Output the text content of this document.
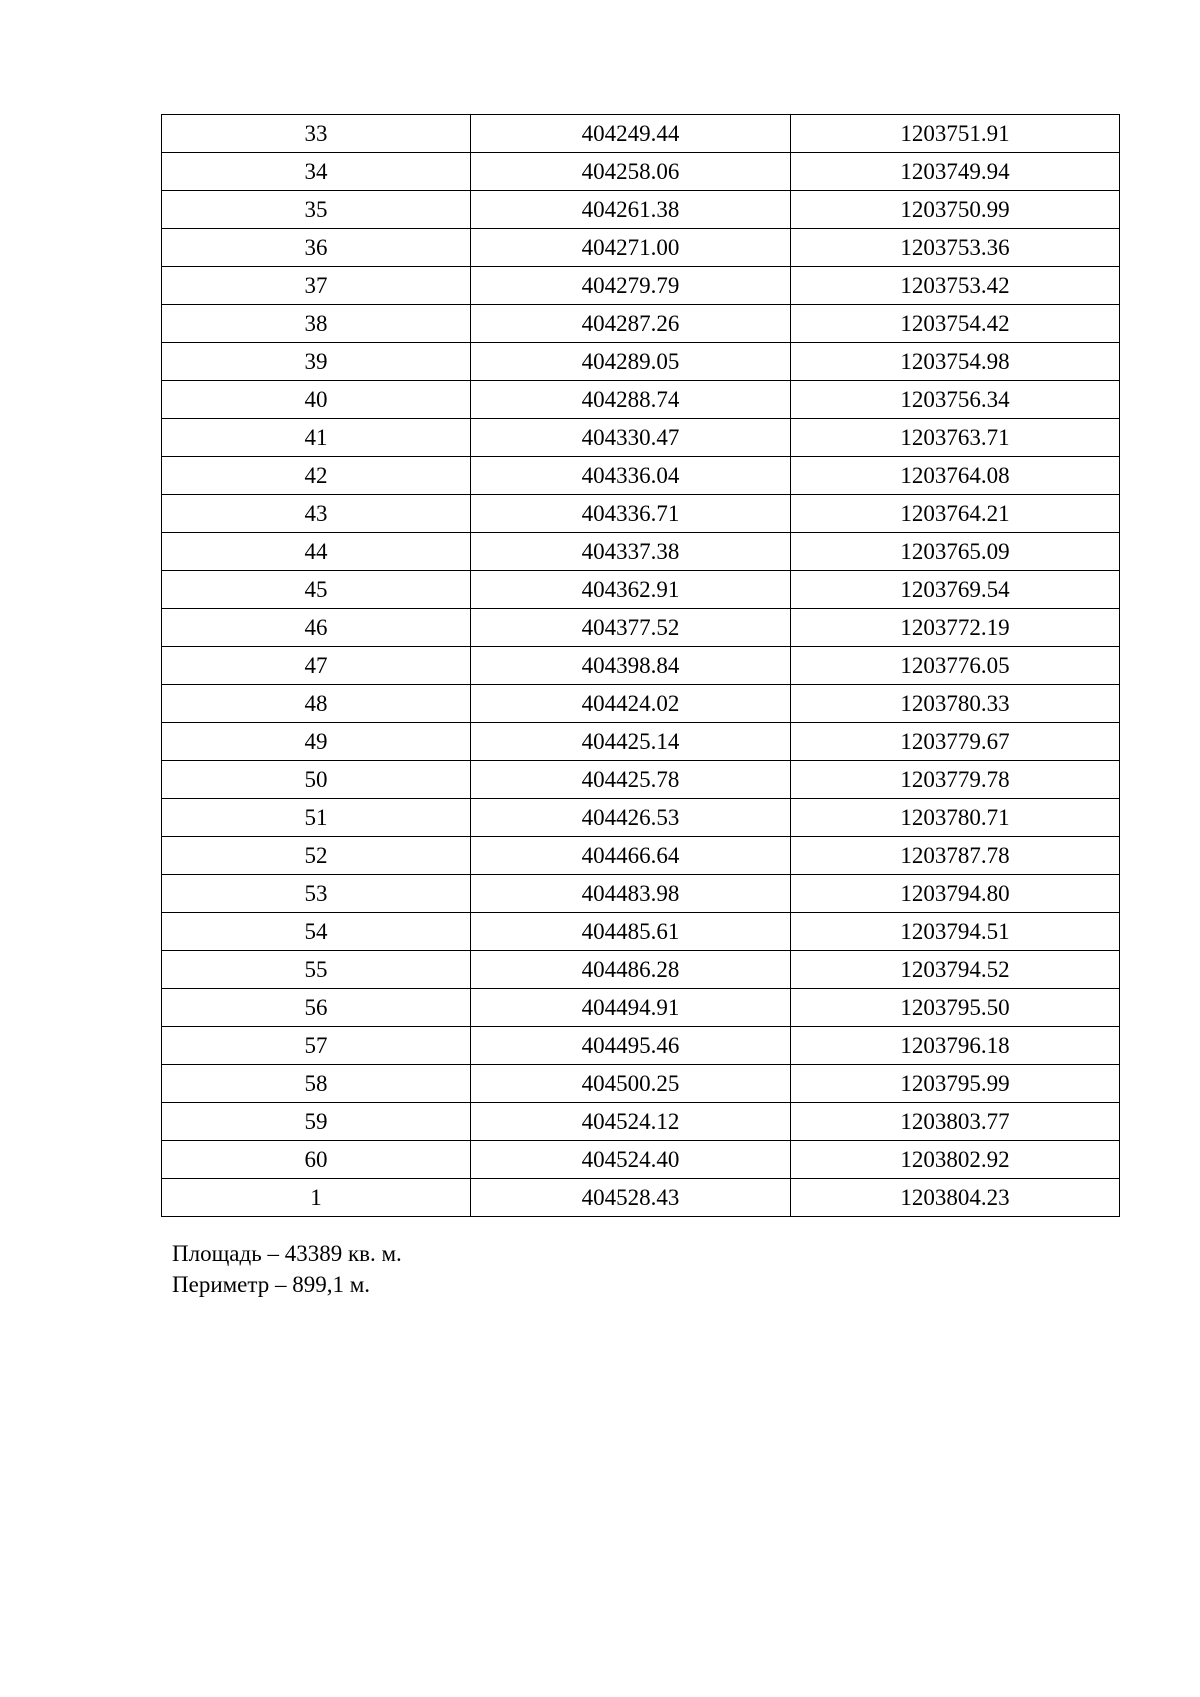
33	404249.44	1203751.91
34	404258.06	1203749.94
35	404261.38	1203750.99
36	404271.00	1203753.36
37	404279.79	1203753.42
38	404287.26	1203754.42
39	404289.05	1203754.98
40	404288.74	1203756.34
41	404330.47	1203763.71
42	404336.04	1203764.08
43	404336.71	1203764.21
44	404337.38	1203765.09
45	404362.91	1203769.54
46	404377.52	1203772.19
47	404398.84	1203776.05
48	404424.02	1203780.33
49	404425.14	1203779.67
50	404425.78	1203779.78
51	404426.53	1203780.71
52	404466.64	1203787.78
53	404483.98	1203794.80
54	404485.61	1203794.51
55	404486.28	1203794.52
56	404494.91	1203795.50
57	404495.46	1203796.18
58	404500.25	1203795.99
59	404524.12	1203803.77
60	404524.40	1203802.92
1	404528.43	1203804.23
Площадь – 43389 кв. м.
Периметр – 899,1 м.
